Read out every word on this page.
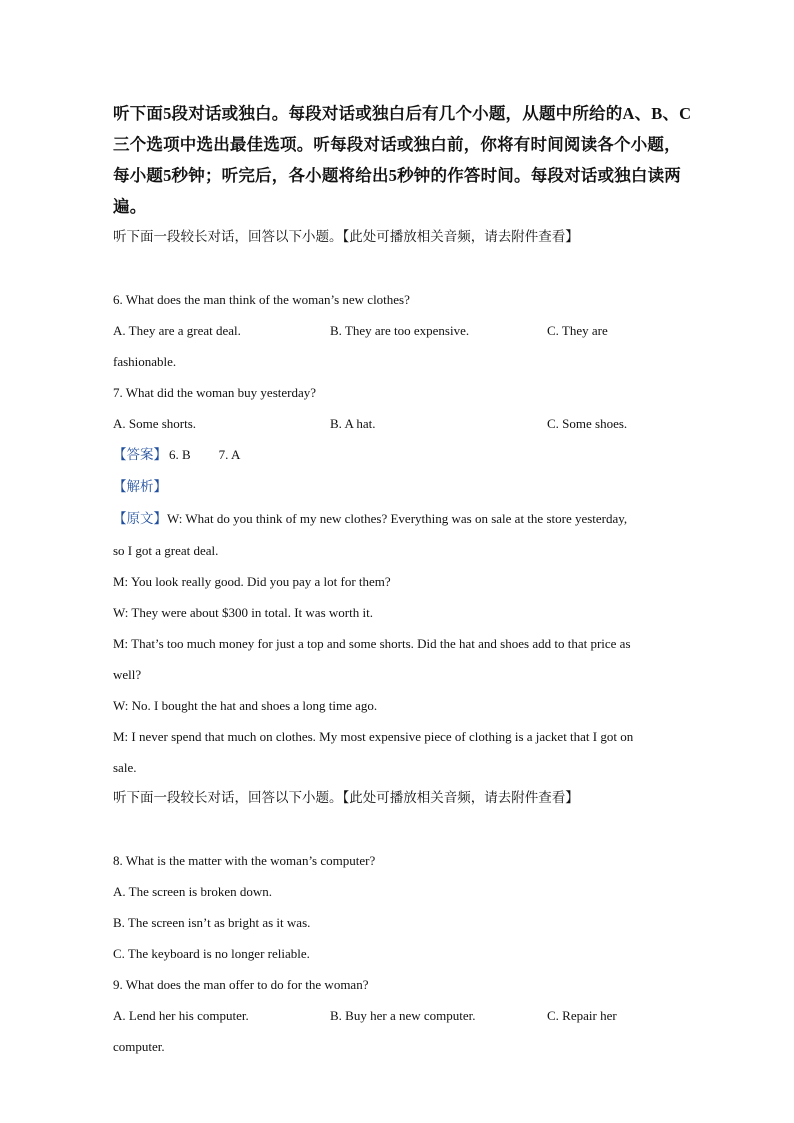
听下面5段对话或独白。每段对话或独白后有几个小题，从题中所给的A、B、C三个选项中选出最佳选项。听每段对话或独白前，你将有时间阅读各个小题，每小题5秒钟；听完后，各小题将给出5秒钟的作答时间。每段对话或独白读两遍。

听下面一段较长对话，回答以下小题。【此处可播放相关音频，请去附件查看】

6. What does the man think of the woman’s new clothes?

A. They are a great deal.	B. They are too expensive.	C. They are

fashionable.

7. What did the woman buy yesterday?

A. Some shorts.	B. A hat.	C. Some shoes.

【答案】 6. B 7. A

【解析】

【原文】W: What do you think of my new clothes? Everything was on sale at the store yesterday,

so I got a great deal.

M: You look really good. Did you pay a lot for them?

W: They were about $300 in total. It was worth it.

M: That’s too much money for just a top and some shorts. Did the hat and shoes add to that price as

well?

W: No. I bought the hat and shoes a long time ago.

M: I never spend that much on clothes. My most expensive piece of clothing is a jacket that I got on

sale.

听下面一段较长对话，回答以下小题。【此处可播放相关音频，请去附件查看】

8. What is the matter with the woman’s computer?

A. The screen is broken down.

B. The screen isn’t as bright as it was.

C. The keyboard is no longer reliable.

9. What does the man offer to do for the woman?

A. Lend her his computer.	B. Buy her a new computer.	C. Repair her

computer.
